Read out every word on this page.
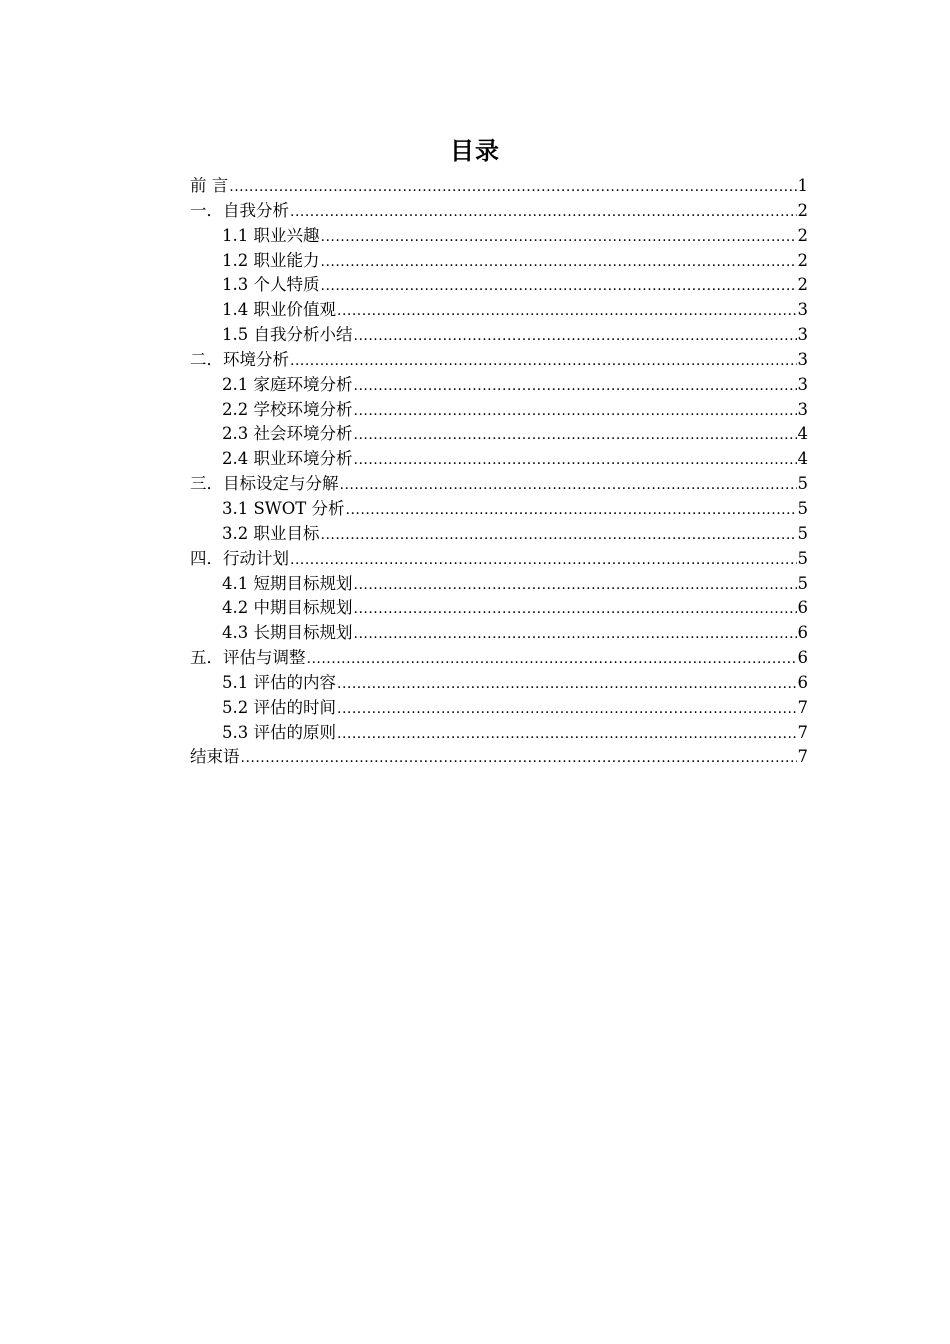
目录
前 言 .....	1
一．自我分析 .....	2
1.1 职业兴趣 .....	2
1.2 职业能力 .....	2
1.3 个人特质 .....	2
1.4 职业价值观 .....	3
1.5 自我分析小结 .....	3
二．环境分析 .....	3
2.1 家庭环境分析 .....	3
2.2 学校环境分析 .....	3
2.3 社会环境分析 .....	4
2.4 职业环境分析 .....	4
三．目标设定与分解 .....	5
3.1 SWOT 分析 .....	5
3.2 职业目标 .....	5
四．行动计划 .....	5
4.1 短期目标规划 .....	5
4.2 中期目标规划 .....	6
4.3 长期目标规划 .....	6
五．评估与调整 .....	6
5.1 评估的内容 .....	6
5.2 评估的时间 .....	7
5.3 评估的原则 .....	7
结束语 .....	7
